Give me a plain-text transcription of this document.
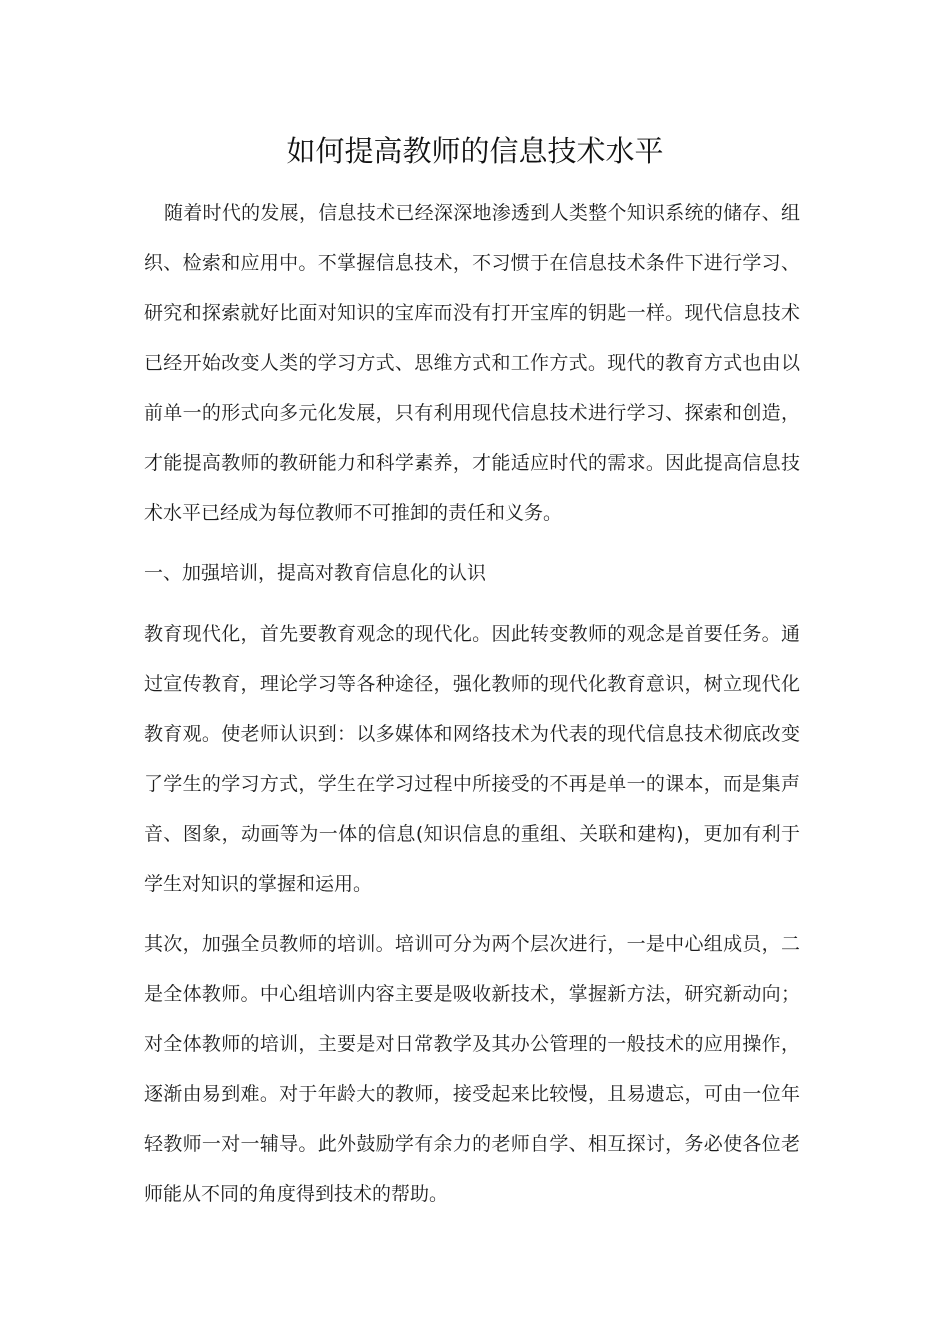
如何提高教师的信息技术水平

随着时代的发展，信息技术已经深深地渗透到人类整个知识系统的储存、组织、检索和应用中。不掌握信息技术，不习惯于在信息技术条件下进行学习、研究和探索就好比面对知识的宝库而没有打开宝库的钥匙一样。现代信息技术已经开始改变人类的学习方式、思维方式和工作方式。现代的教育方式也由以前单一的形式向多元化发展，只有利用现代信息技术进行学习、探索和创造，才能提高教师的教研能力和科学素养，才能适应时代的需求。因此提高信息技术水平已经成为每位教师不可推卸的责任和义务。

一、加强培训，提高对教育信息化的认识

教育现代化，首先要教育观念的现代化。因此转变教师的观念是首要任务。通过宣传教育，理论学习等各种途径，强化教师的现代化教育意识，树立现代化教育观。使老师认识到：以多媒体和网络技术为代表的现代信息技术彻底改变了学生的学习方式，学生在学习过程中所接受的不再是单一的课本，而是集声音、图象，动画等为一体的信息(知识信息的重组、关联和建构)，更加有利于学生对知识的掌握和运用。

其次，加强全员教师的培训。培训可分为两个层次进行，一是中心组成员，二是全体教师。中心组培训内容主要是吸收新技术，掌握新方法，研究新动向；对全体教师的培训，主要是对日常教学及其办公管理的一般技术的应用操作，逐渐由易到难。对于年龄大的教师，接受起来比较慢，且易遗忘，可由一位年轻教师一对一辅导。此外鼓励学有余力的老师自学、相互探讨，务必使各位老师能从不同的角度得到技术的帮助。
